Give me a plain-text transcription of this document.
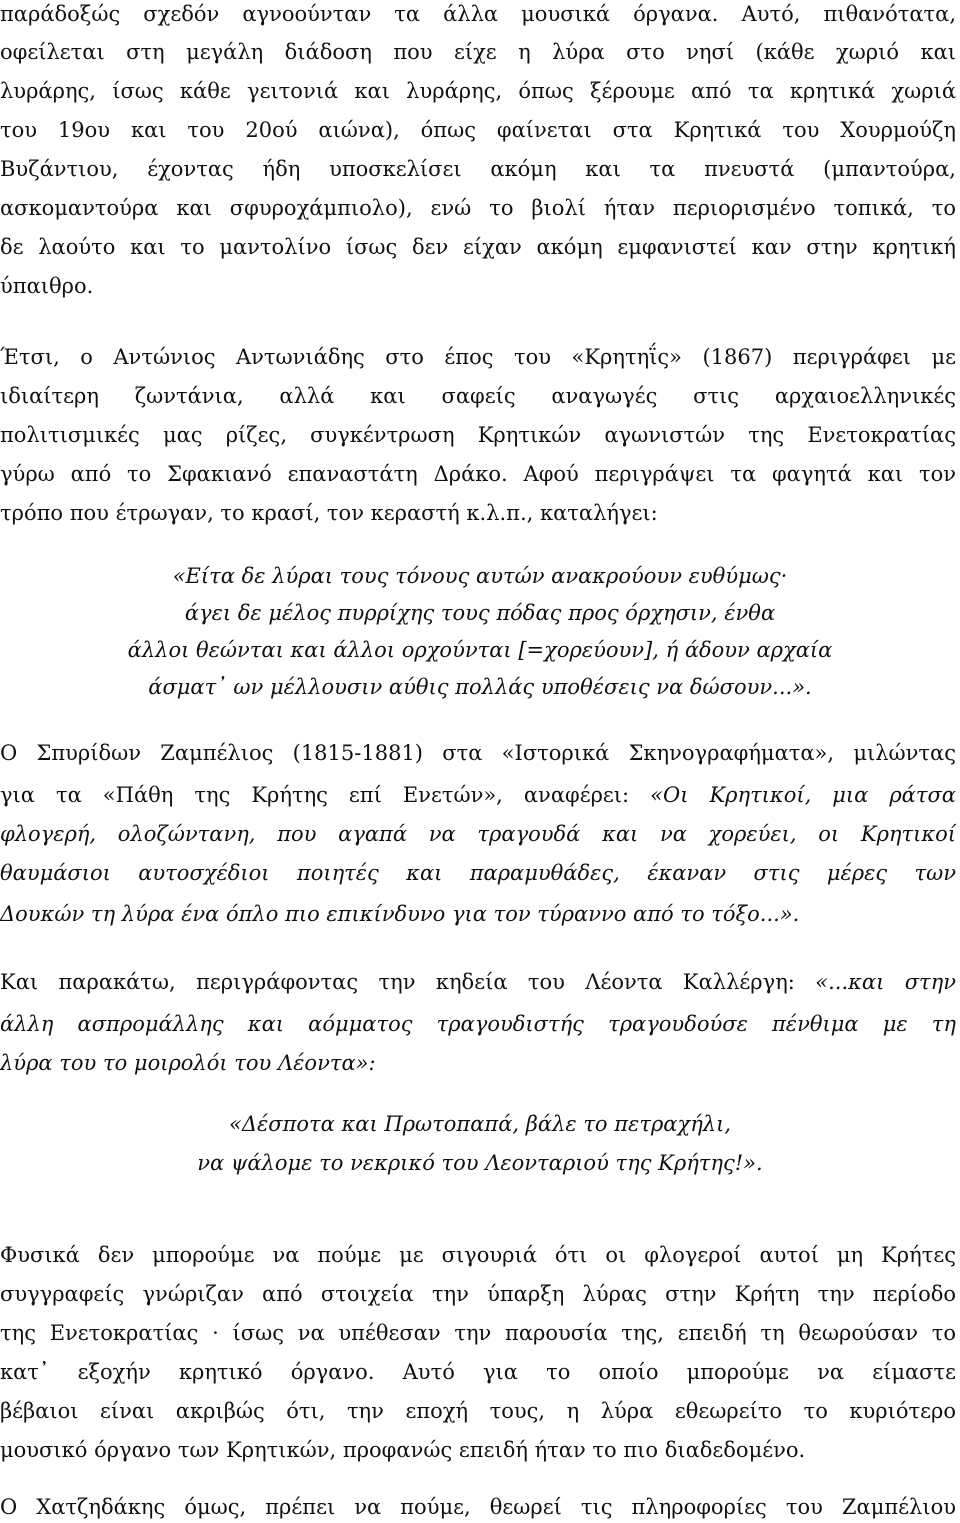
παράδοξώς σχεδόν αγνοούνταν τα άλλα μουσικά όργανα. Αυτό, πιθανότατα,
οφείλεται στη μεγάλη διάδοση που είχε η λύρα στο νησί (κάθε χωριό και
λυράρης, ίσως κάθε γειτονιά και λυράρης, όπως ξέρουμε από τα κρητικά χωριά
του 19ου και του 20ού αιώνα), όπως φαίνεται στα Κρητικά του Χουρμούζη
Βυζάντιου, έχοντας ήδη υποσκελίσει ακόμη και τα πνευστά (μπαντούρα,
ασκομαντούρα και σφυροχάμπιολο), ενώ το βιολί ήταν περιορισμένο τοπικά, το
δε λαούτο και το μαντολίνο ίσως δεν είχαν ακόμη εμφανιστεί καν στην κρητική
ύπαιθρο.
Έτσι, ο Αντώνιος Αντωνιάδης στο έπος του «Κρητηΐς» (1867) περιγράφει με
ιδιαίτερη ζωντάνια, αλλά και σαφείς αναγωγές στις αρχαιοελληνικές
πολιτισμικές μας ρίζες, συγκέντρωση Κρητικών αγωνιστών της Ενετοκρατίας
γύρω από το Σφακιανό επαναστάτη Δράκο. Αφού περιγράψει τα φαγητά και τον
τρόπο που έτρωγαν, το κρασί, τον κεραστή κ.λ.π., καταλήγει:
«Είτα δε λύραι τους τόνους αυτών ανακρούουν ευθύμως·
άγει δε μέλος πυρρίχης τους πόδας προς όρχησιν, ένθα
άλλοι θεώνται και άλλοι ορχούνται [=χορεύουν], ή άδουν αρχαία
άσματ᾽ ων μέλλουσιν αύθις πολλάς υποθέσεις να δώσουν...».
Ο Σπυρίδων Ζαμπέλιος (1815-1881) στα «Ιστορικά Σκηνογραφήματα», μιλώντας
για τα «Πάθη της Κρήτης επί Ενετών», αναφέρει: «Οι Κρητικοί, μια ράτσα
φλογερή, ολοζώντανη, που αγαπά να τραγουδά και να χορεύει, οι Κρητικοί
θαυμάσιοι αυτοσχέδιοι ποιητές και παραμυθάδες, έκαναν στις μέρες των
Δουκών τη λύρα ένα όπλο πιο επικίνδυνο για τον τύραννο από το τόξο...».
Και παρακάτω, περιγράφοντας την κηδεία του Λέοντα Καλλέργη: «...και στην
άλλη ασπρομάλλης και αόμματος τραγουδιστής τραγουδούσε πένθιμα με τη
λύρα του το μοιρολόι του Λέοντα»:
«Δέσποτα και Πρωτοπαπά, βάλε το πετραχήλι,
να ψάλομε το νεκρικό του Λεονταριού της Κρήτης!».
Φυσικά δεν μπορούμε να πούμε με σιγουριά ότι οι φλογεροί αυτοί μη Κρήτες
συγγραφείς γνώριζαν από στοιχεία την ύπαρξη λύρας στην Κρήτη την περίοδο
της Ενετοκρατίας · ίσως να υπέθεσαν την παρουσία της, επειδή τη θεωρούσαν το
κατ᾽ εξοχήν κρητικό όργανο. Αυτό για το οποίο μπορούμε να είμαστε
βέβαιοι είναι ακριβώς ότι, την εποχή τους, η λύρα εθεωρείτο το κυριότερο
μουσικό όργανο των Κρητικών, προφανώς επειδή ήταν το πιο διαδεδομένο.
Ο Χατζηδάκης όμως, πρέπει να πούμε, θεωρεί τις πληροφορίες του Ζαμπέλιου
